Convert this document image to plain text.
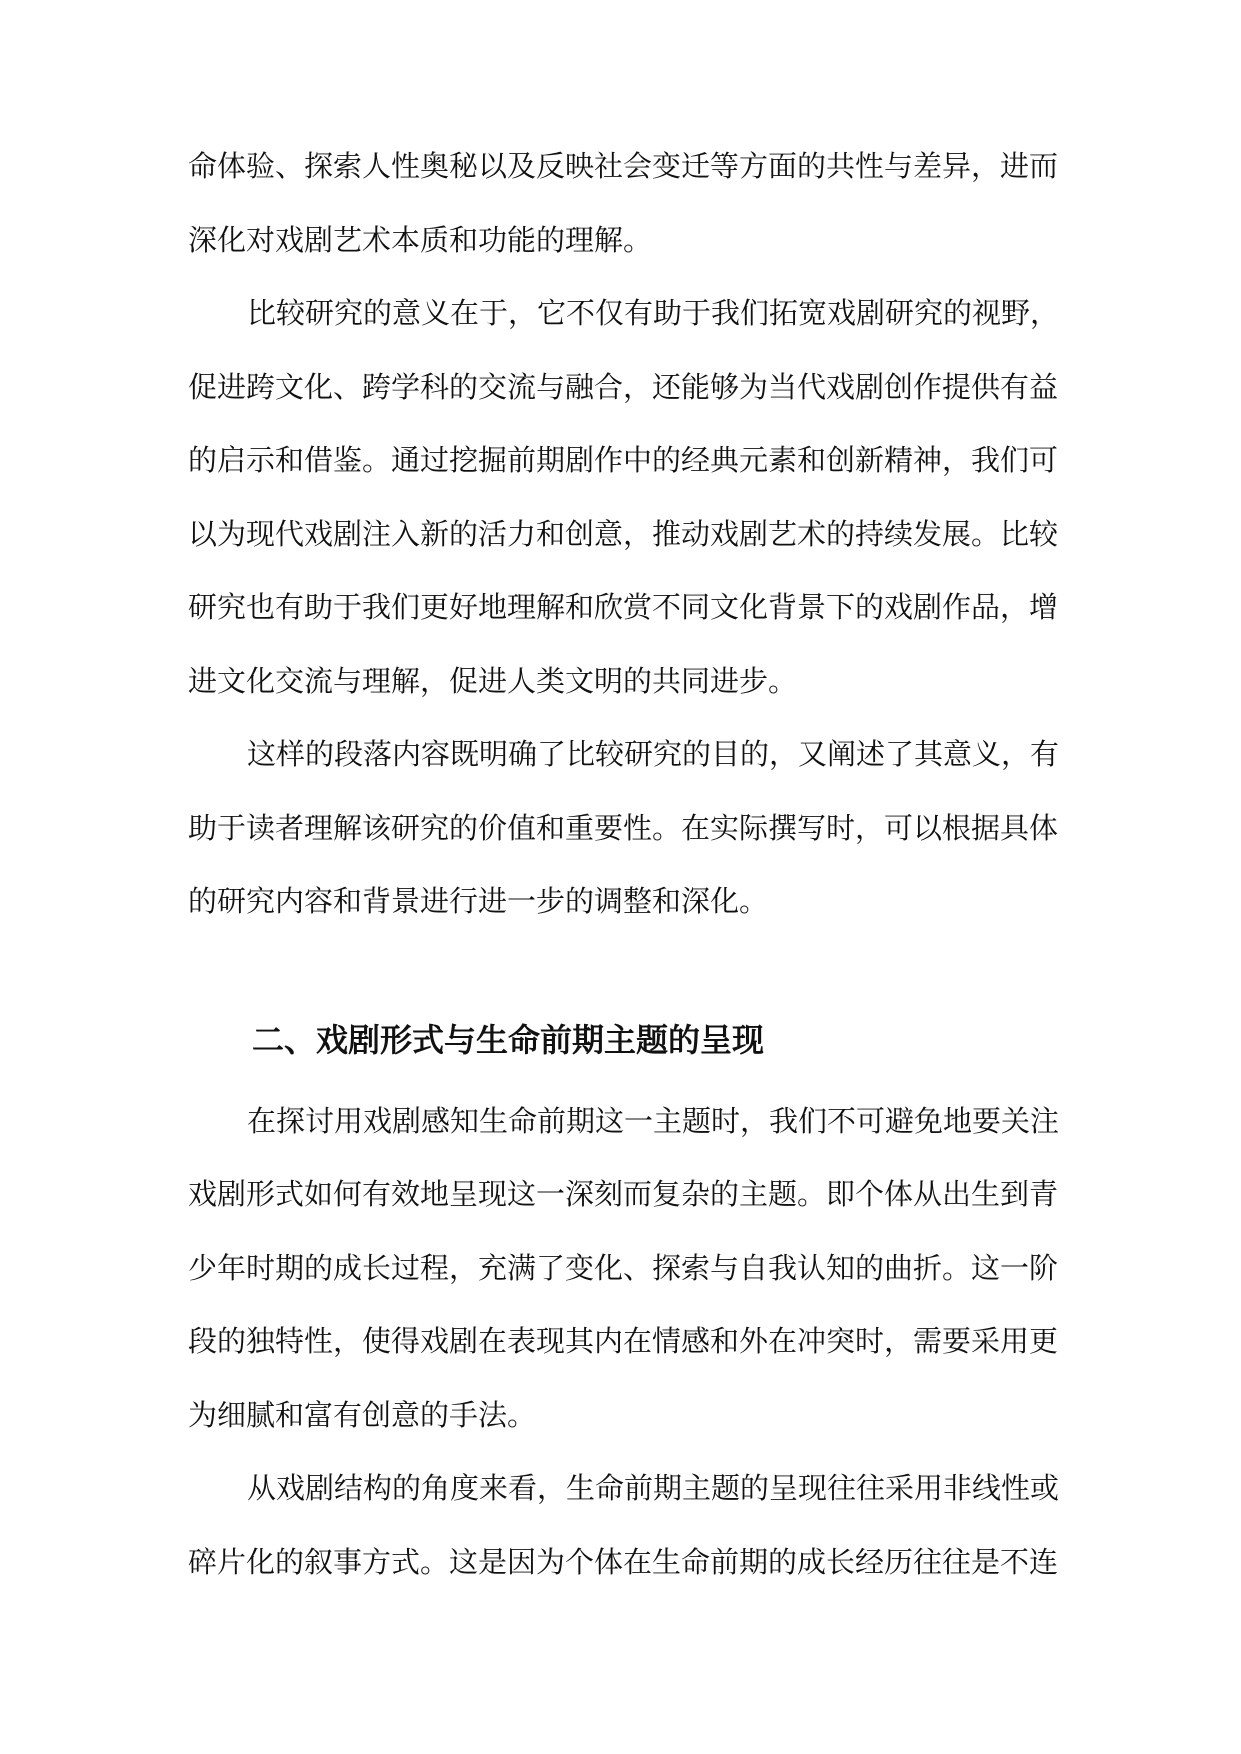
命体验、探索人性奥秘以及反映社会变迁等方面的共性与差异，进而
深化对戏剧艺术本质和功能的理解。
比较研究的意义在于，它不仅有助于我们拓宽戏剧研究的视野，
促进跨文化、跨学科的交流与融合，还能够为当代戏剧创作提供有益
的启示和借鉴。通过挖掘前期剧作中的经典元素和创新精神，我们可
以为现代戏剧注入新的活力和创意，推动戏剧艺术的持续发展。比较
研究也有助于我们更好地理解和欣赏不同文化背景下的戏剧作品，增
进文化交流与理解，促进人类文明的共同进步。
这样的段落内容既明确了比较研究的目的，又阐述了其意义，有
助于读者理解该研究的价值和重要性。在实际撰写时，可以根据具体
的研究内容和背景进行进一步的调整和深化。
二、戏剧形式与生命前期主题的呈现
在探讨用戏剧感知生命前期这一主题时，我们不可避免地要关注
戏剧形式如何有效地呈现这一深刻而复杂的主题。即个体从出生到青
少年时期的成长过程，充满了变化、探索与自我认知的曲折。这一阶
段的独特性，使得戏剧在表现其内在情感和外在冲突时，需要采用更
为细腻和富有创意的手法。
从戏剧结构的角度来看，生命前期主题的呈现往往采用非线性或
碎片化的叙事方式。这是因为个体在生命前期的成长经历往往是不连
